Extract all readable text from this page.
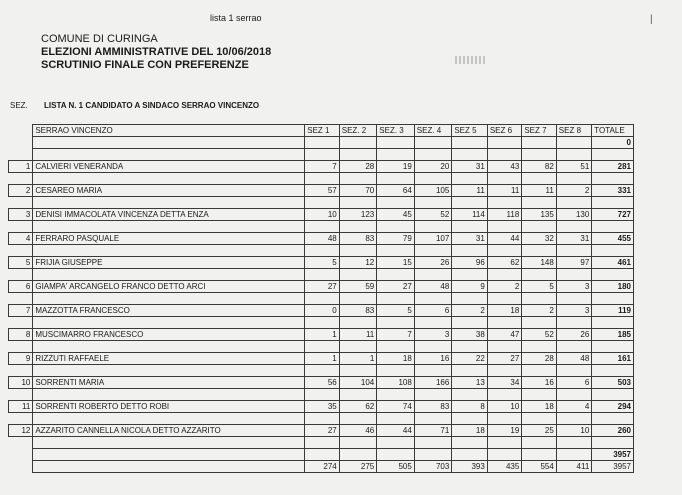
lista 1 serrao	|
COMUNE DI CURINGA
ELEZIONI AMMINISTRATIVE DEL 10/06/2018
SCRUTINIO FINALE CON PREFERENZE
SEZ. LISTA N. 1 CANDIDATO A SINDACO SERRAO VINCENZO
	SERRAO VINCENZO	SEZ 1	SEZ. 2	SEZ. 3	SEZ. 4	SEZ 5	SEZ 6	SEZ 7	SEZ 8	TOTALE
										0

1	CALVIERI VENERANDA	7	28	19	20	31	43	82	51	281

2	CESAREO MARIA	57	70	64	105	11	11	11	2	331

3	DENISI IMMACOLATA VINCENZA DETTA ENZA	10	123	45	52	114	118	135	130	727

4	FERRARO PASQUALE	48	83	79	107	31	44	32	31	455

5	FRIJIA GIUSEPPE	5	12	15	26	96	62	148	97	461

6	GIAMPA' ARCANGELO FRANCO DETTO ARCI	27	59	27	48	9	2	5	3	180

7	MAZZOTTA FRANCESCO	0	83	5	6	2	18	2	3	119

8	MUSCIMARRO FRANCESCO	1	11	7	3	38	47	52	26	185

9	RIZZUTI RAFFAELE	1	1	18	16	22	27	28	48	161

10	SORRENTI MARIA	56	104	108	166	13	34	16	6	503

11	SORRENTI ROBERTO DETTO ROBI	35	62	74	83	8	10	18	4	294

12	AZZARITO CANNELLA NICOLA DETTO AZZARITO	27	46	44	71	18	19	25	10	260

										3957
		274	275	505	703	393	435	554	411	3957
